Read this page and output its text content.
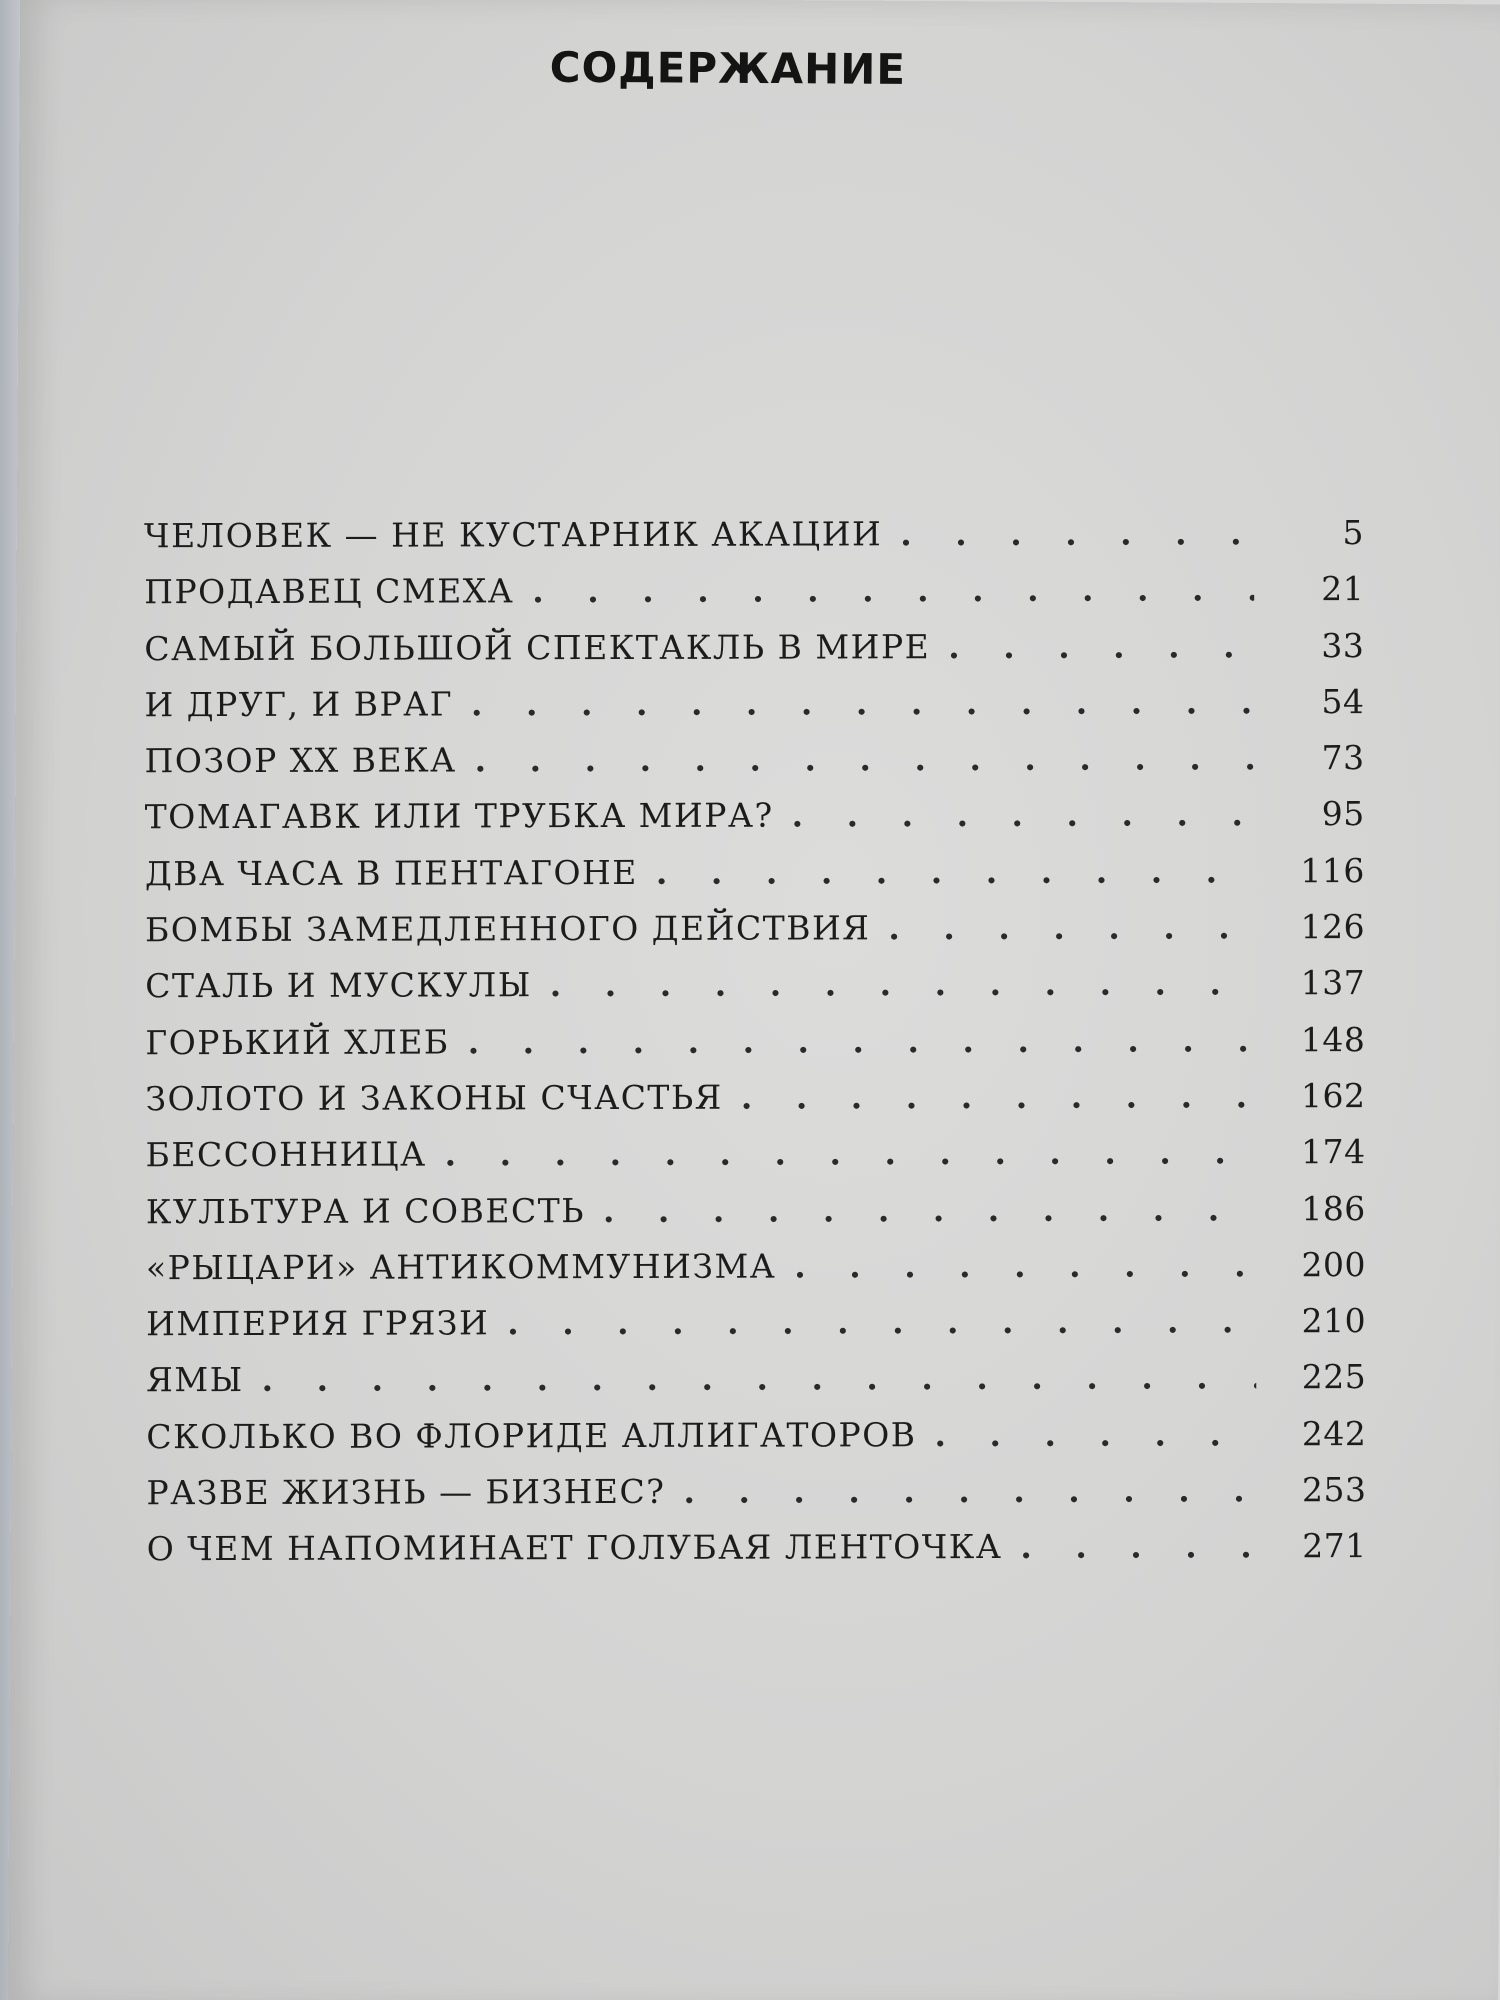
СОДЕРЖАНИЕ
ЧЕЛОВЕК — НЕ КУСТАРНИК АКАЦИИ . . .	5
ПРОДАВЕЦ СМЕХА . . .	21
САМЫЙ БОЛЬШОЙ СПЕКТАКЛЬ В МИРЕ . . .	33
И ДРУГ, И ВРАГ . . .	54
ПОЗОР XX ВЕКА . . .	73
ТОМАГАВК ИЛИ ТРУБКА МИРА? . . .	95
ДВА ЧАСА В ПЕНТАГОНЕ . . .	116
БОМБЫ ЗАМЕДЛЕННОГО ДЕЙСТВИЯ . . .	126
СТАЛЬ И МУСКУЛЫ . . .	137
ГОРЬКИЙ ХЛЕБ . . .	148
ЗОЛОТО И ЗАКОНЫ СЧАСТЬЯ . . .	162
БЕССОННИЦА . . .	174
КУЛЬТУРА И СОВЕСТЬ . . .	186
«РЫЦАРИ» АНТИКОММУНИЗМА . . .	200
ИМПЕРИЯ ГРЯЗИ . . .	210
ЯМЫ . . .	225
СКОЛЬКО ВО ФЛОРИДЕ АЛЛИГАТОРОВ . . .	242
РАЗВЕ ЖИЗНЬ — БИЗНЕС? . . .	253
О ЧЕМ НАПОМИНАЕТ ГОЛУБАЯ ЛЕНТОЧКА . . .	271
